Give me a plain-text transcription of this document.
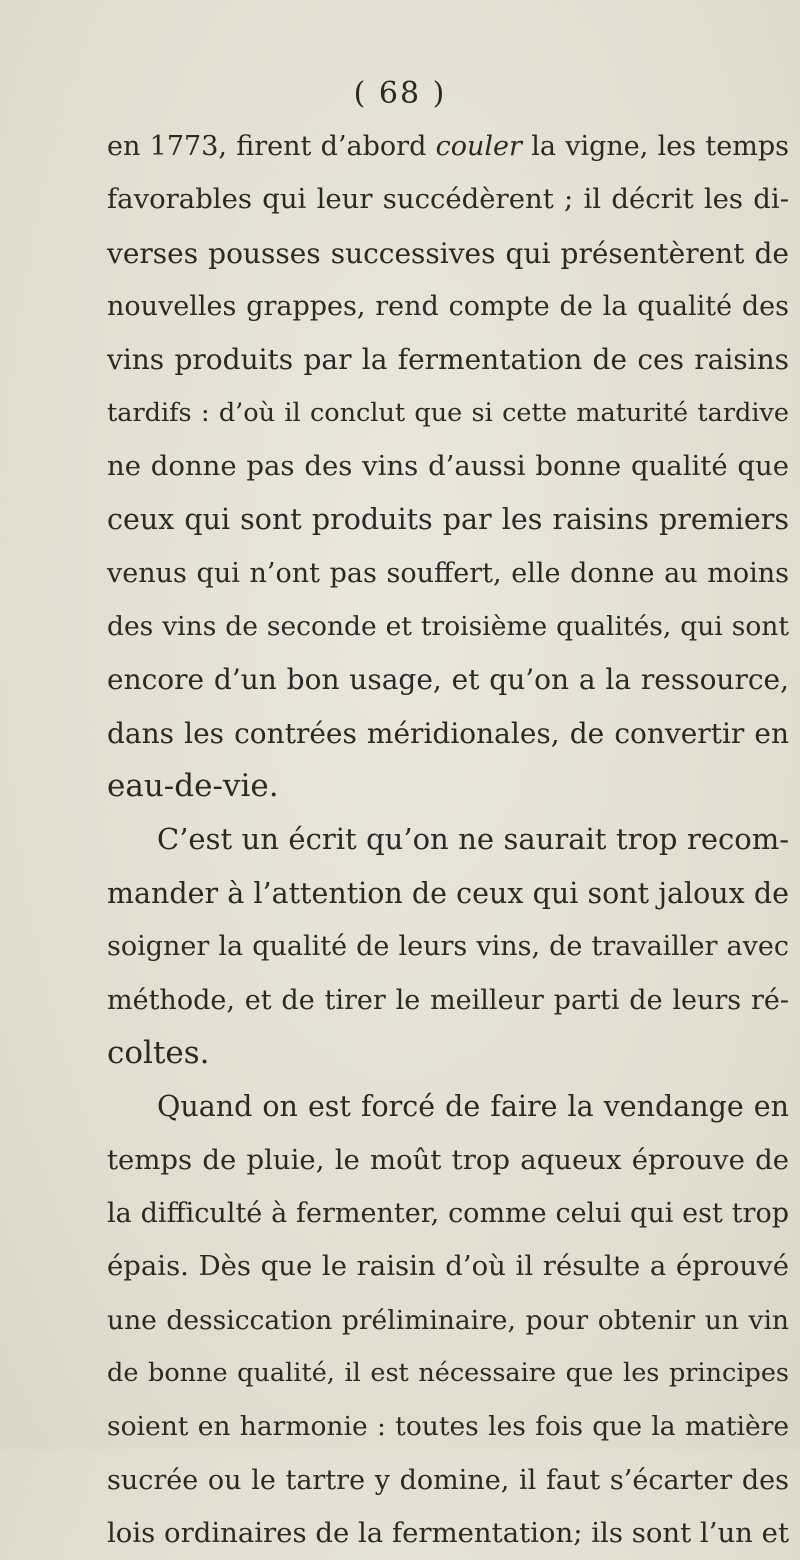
( 68 )
en 1773, firent d’abord couler la vigne, les temps
favorables qui leur succédèrent ; il décrit les di-
verses pousses successives qui présentèrent de
nouvelles grappes, rend compte de la qualité des
vins produits par la fermentation de ces raisins
tardifs : d’où il conclut que si cette maturité tardive
ne donne pas des vins d’aussi bonne qualité que
ceux qui sont produits par les raisins premiers
venus qui n’ont pas souffert, elle donne au moins
des vins de seconde et troisième qualités, qui sont
encore d’un bon usage, et qu’on a la ressource,
dans les contrées méridionales, de convertir en
eau-de-vie.
C’est un écrit qu’on ne saurait trop recom-
mander à l’attention de ceux qui sont jaloux de
soigner la qualité de leurs vins, de travailler avec
méthode, et de tirer le meilleur parti de leurs ré-
coltes.
Quand on est forcé de faire la vendange en
temps de pluie, le moût trop aqueux éprouve de
la difficulté à fermenter, comme celui qui est trop
épais. Dès que le raisin d’où il résulte a éprouvé
une dessiccation préliminaire, pour obtenir un vin
de bonne qualité, il est nécessaire que les principes
soient en harmonie : toutes les fois que la matière
sucrée ou le tartre y domine, il faut s’écarter des
lois ordinaires de la fermentation; ils sont l’un et
